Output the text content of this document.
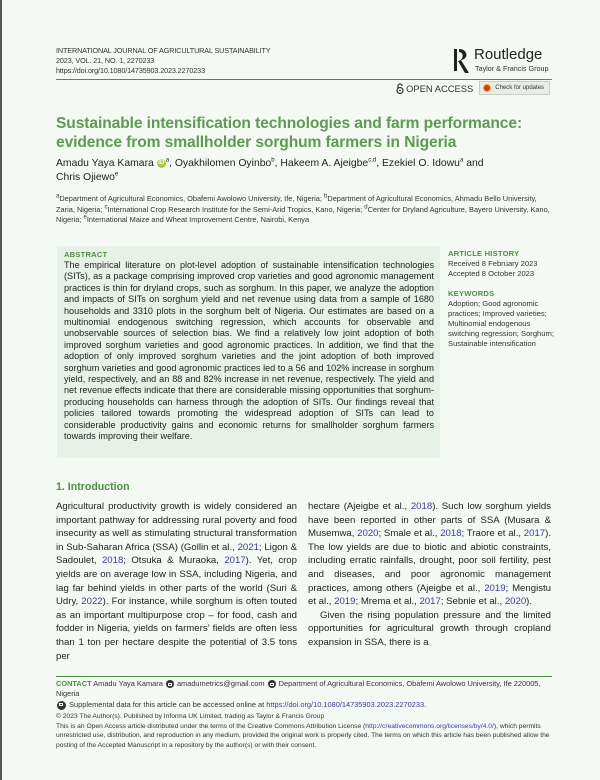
INTERNATIONAL JOURNAL OF AGRICULTURAL SUSTAINABILITY
2023, VOL. 21, NO. 1, 2270233
https://doi.org/10.1080/14735903.2023.2270233
Routledge
Taylor & Francis Group
OPEN ACCESS	Check for updates
Sustainable intensification technologies and farm performance:
evidence from smallholder sorghum farmers in Nigeria
Amadu Yaya Kamara iD $^a$, Oyakhilomen Oyinbo$^b$, Hakeem A. Ajeigbe$^{c,d}$, Ezekiel O. Idowu$^a$ and
Chris Ojiewo$^e$
$^a$Department of Agricultural Economics, Obafemi Awolowo University, Ife, Nigeria; $^b$Department of Agricultural Economics, Ahmadu Bello University, Zaria, Nigeria; $^c$International Crop Research Institute for the Semi-Arid Tropics, Kano, Nigeria; $^d$Center for Dryland Agriculture, Bayero University, Kano, Nigeria; $^e$International Maize and Wheat Improvement Centre, Nairobi, Kenya
ABSTRACT
The empirical literature on plot-level adoption of sustainable intensification technologies (SITs), as a package comprising improved crop varieties and good agronomic management practices is thin for dryland crops, such as sorghum. In this paper, we analyze the adoption and impacts of SITs on sorghum yield and net revenue using data from a sample of 1680 households and 3310 plots in the sorghum belt of Nigeria. Our estimates are based on a multinomial endogenous switching regression, which accounts for observable and unobservable sources of selection bias. We find a relatively low joint adoption of both improved sorghum varieties and good agronomic practices. In addition, we find that the adoption of only improved sorghum varieties and the joint adoption of both improved sorghum varieties and good agronomic practices led to a 56 and 102% increase in sorghum yield, respectively, and an 88 and 82% increase in net revenue, respectively. The yield and net revenue effects indicate that there are considerable missing opportunities that sorghum-producing households can harness through the adoption of SITs. Our findings reveal that policies tailored towards promoting the widespread adoption of SITs can lead to considerable productivity gains and economic returns for smallholder sorghum farmers towards improving their welfare.
ARTICLE HISTORY
Received 8 February 2023
Accepted 8 October 2023
KEYWORDS
Adoption; Good agronomic practices; Improved varieties; Multinomial endogenous switching regression; Sorghum; Sustainable intensification
1. Introduction
Agricultural productivity growth is widely considered an important pathway for addressing rural poverty and food insecurity as well as stimulating structural transformation in Sub-Saharan Africa (SSA) (Gollin et al., 2021; Ligon & Sadoulet, 2018; Otsuka & Muraoka, 2017). Yet, crop yields are on average low in SSA, including Nigeria, and lag far behind yields in other parts of the world (Suri & Udry, 2022). For instance, while sorghum is often touted as an important multipurpose crop – for food, cash and fodder in Nigeria, yields on farmers’ fields are often less than 1 ton per hectare despite the potential of 3.5 tons per
hectare (Ajeigbe et al., 2018). Such low sorghum yields have been reported in other parts of SSA (Musara & Musemwa, 2020; Smale et al., 2018; Traore et al., 2017). The low yields are due to biotic and abiotic constraints, including erratic rainfalls, drought, poor soil fertility, pest and diseases, and poor agronomic management practices, among others (Ajeigbe et al., 2019; Mengistu et al., 2019; Mrema et al., 2017; Sebnie et al., 2020).
Given the rising population pressure and the limited opportunities for agricultural growth through cropland expansion in SSA, there is a
CONTACT Amadu Yaya Kamara amadumetrics@gmail.com Department of Agricultural Economics, Obafemi Awolowo University, Ife 220005, Nigeria
Supplemental data for this article can be accessed online at https://doi.org/10.1080/14735903.2023.2270233.
© 2023 The Author(s). Published by Informa UK Limited, trading as Taylor & Francis Group
This is an Open Access article distributed under the terms of the Creative Commons Attribution License (http://creativecommons.org/licenses/by/4.0/), which permits unrestricted use, distribution, and reproduction in any medium, provided the original work is properly cited. The terms on which this article has been published allow the posting of the Accepted Manuscript in a repository by the author(s) or with their consent.
